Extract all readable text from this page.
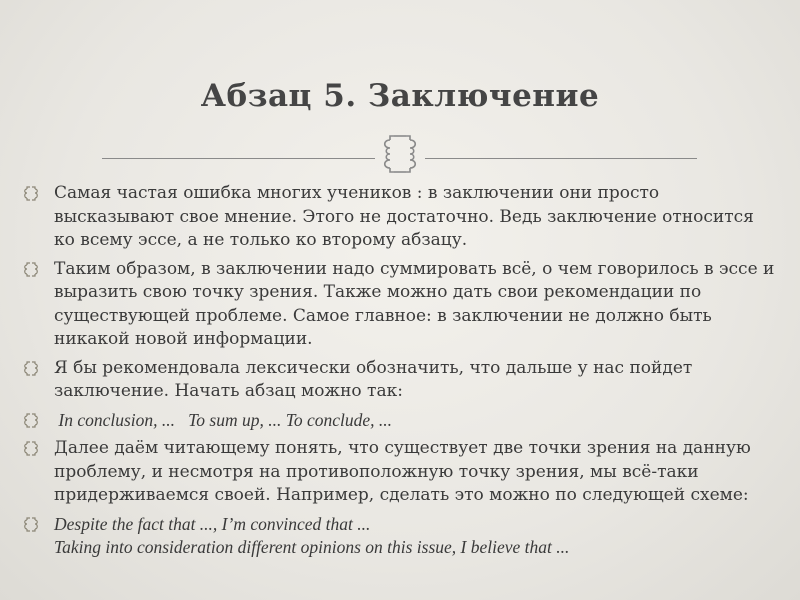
Абзац 5. Заключение
Самая частая ошибка многих учеников : в заключении они просто высказывают свое мнение. Этого не достаточно. Ведь заключение относится ко всему эссе, а не только ко второму абзацу.
Таким образом, в заключении надо суммировать всё, о чем говорилось в эссе и выразить свою точку зрения. Также можно дать свои рекомендации по существующей проблеме. Самое главное: в заключении не должно быть никакой новой информации.
Я бы рекомендовала лексически обозначить, что дальше у нас пойдет заключение. Начать абзац можно так:
In conclusion, ...   To sum up, ... To conclude, ...
Далее даём читающему понять, что существует две точки зрения на данную проблему, и несмотря на противоположную точку зрения, мы всё-таки придерживаемся своей. Например, сделать это можно по следующей схеме:
Despite the fact that ..., I’m convinced that ...
Taking into consideration different opinions on this issue, I believe that ...
